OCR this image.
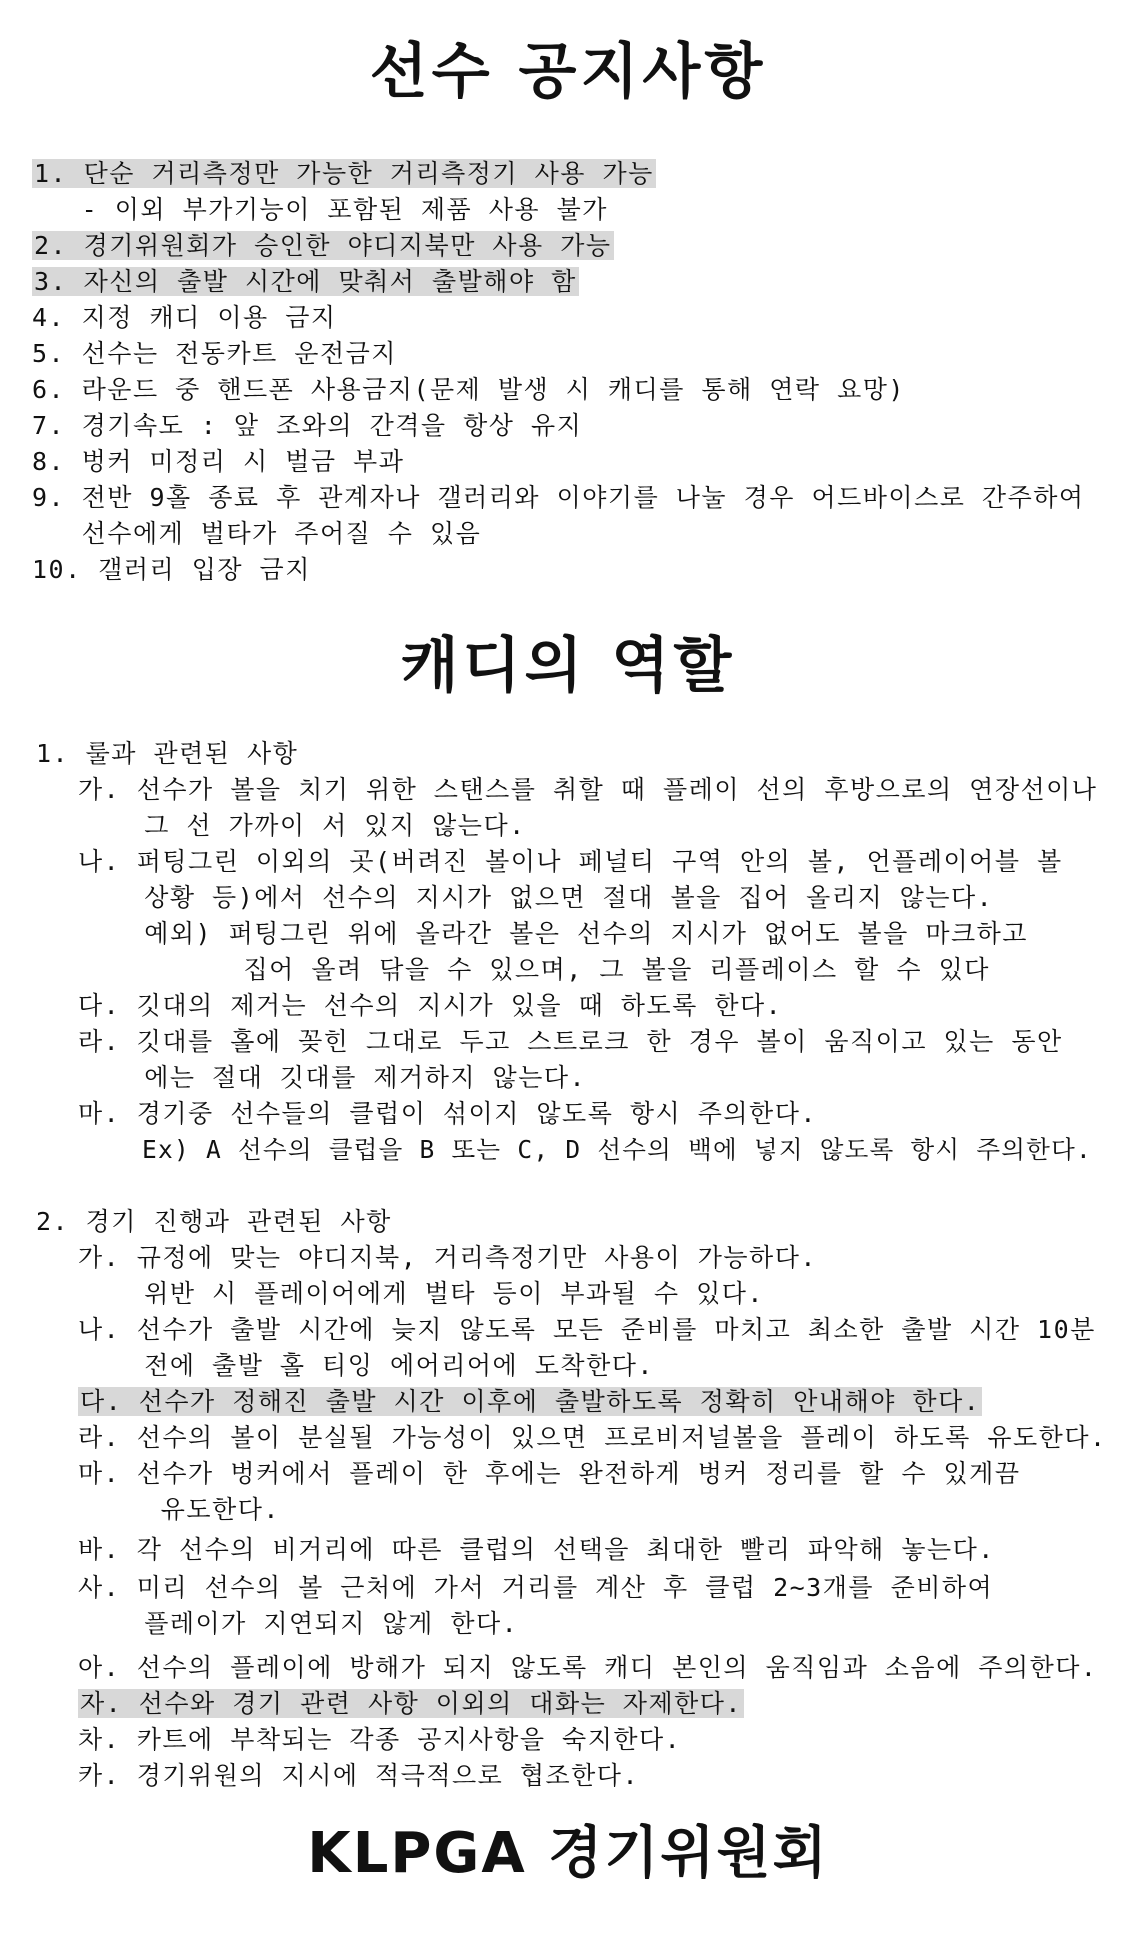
선수 공지사항
1. 단순 거리측정만 가능한 거리측정기 사용 가능
- 이외 부가기능이 포함된 제품 사용 불가
2. 경기위원회가 승인한 야디지북만 사용 가능
3. 자신의 출발 시간에 맞춰서 출발해야 함
4. 지정 캐디 이용 금지
5. 선수는 전동카트 운전금지
6. 라운드 중 핸드폰 사용금지(문제 발생 시 캐디를 통해 연락 요망)
7. 경기속도 : 앞 조와의 간격을 항상 유지
8. 벙커 미정리 시 벌금 부과
9. 전반 9홀 종료 후 관계자나 갤러리와 이야기를 나눌 경우 어드바이스로 간주하여
선수에게 벌타가 주어질 수 있음
10. 갤러리 입장 금지
캐디의 역할
1. 룰과 관련된 사항
가. 선수가 볼을 치기 위한 스탠스를 취할 때 플레이 선의 후방으로의 연장선이나
그 선 가까이 서 있지 않는다.
나. 퍼팅그린 이외의 곳(버려진 볼이나 페널티 구역 안의 볼, 언플레이어블 볼
상황 등)에서 선수의 지시가 없으면 절대 볼을 집어 올리지 않는다.
예외) 퍼팅그린 위에 올라간 볼은 선수의 지시가 없어도 볼을 마크하고
집어 올려 닦을 수 있으며, 그 볼을 리플레이스 할 수 있다
다. 깃대의 제거는 선수의 지시가 있을 때 하도록 한다.
라. 깃대를 홀에 꽂힌 그대로 두고 스트로크 한 경우 볼이 움직이고 있는 동안
에는 절대 깃대를 제거하지 않는다.
마. 경기중 선수들의 클럽이 섞이지 않도록 항시 주의한다.
Ex) A 선수의 클럽을 B 또는 C, D 선수의 백에 넣지 않도록 항시 주의한다.
2. 경기 진행과 관련된 사항
가. 규정에 맞는 야디지북, 거리측정기만 사용이 가능하다.
위반 시 플레이어에게 벌타 등이 부과될 수 있다.
나. 선수가 출발 시간에 늦지 않도록 모든 준비를 마치고 최소한 출발 시간 10분
전에 출발 홀 티잉 에어리어에 도착한다.
다. 선수가 정해진 출발 시간 이후에 출발하도록 정확히 안내해야 한다.
라. 선수의 볼이 분실될 가능성이 있으면 프로비저널볼을 플레이 하도록 유도한다.
마. 선수가 벙커에서 플레이 한 후에는 완전하게 벙커 정리를 할 수 있게끔
유도한다.
바. 각 선수의 비거리에 따른 클럽의 선택을 최대한 빨리 파악해 놓는다.
사. 미리 선수의 볼 근처에 가서 거리를 계산 후 클럽 2~3개를 준비하여
플레이가 지연되지 않게 한다.
아. 선수의 플레이에 방해가 되지 않도록 캐디 본인의 움직임과 소음에 주의한다.
자. 선수와 경기 관련 사항 이외의 대화는 자제한다.
차. 카트에 부착되는 각종 공지사항을 숙지한다.
카. 경기위원의 지시에 적극적으로 협조한다.
KLPGA 경기위원회
